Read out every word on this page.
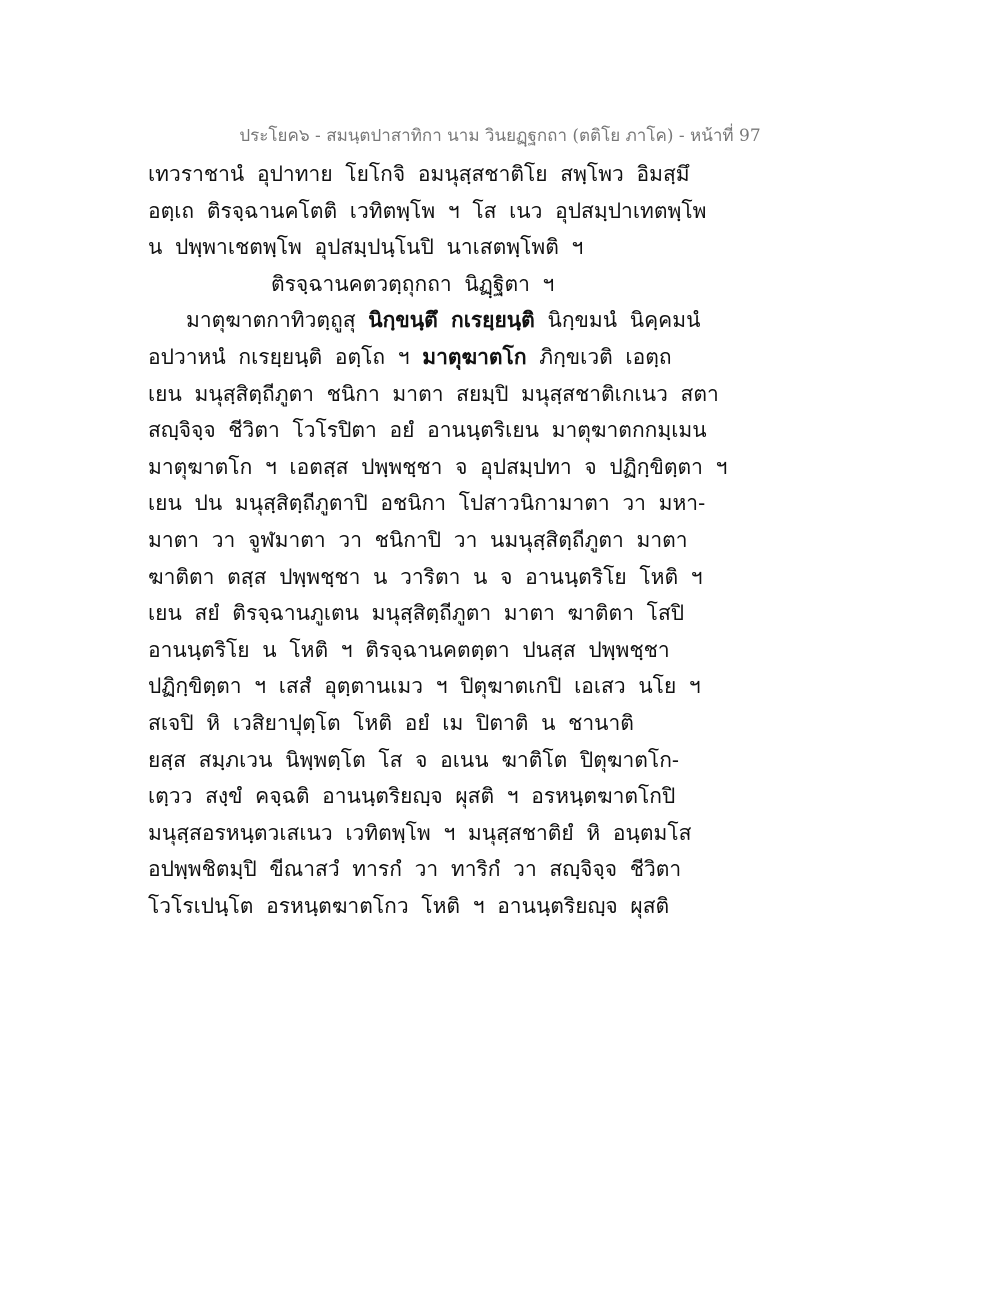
ประโยค๖ - สมนฺตปาสาทิกา นาม วินยฏฺฐกถา (ตติโย ภาโค) - หน้าที่ 97
เทวราชานํ อุปาทาย โยโกจิ อมนุสฺสชาติโย สพฺโพว อิมสฺมึ
อตฺเถ ติรจฺฉานคโตติ เวทิตพฺโพ ฯ โส เนว อุปสมฺปาเทตพฺโพ
น ปพฺพาเชตพฺโพ อุปสมฺปนฺโนปิ นาเสตพฺโพติ ฯ
ติรจฺฉานคตวตฺถุกถา นิฏฺฐิตา ฯ
มาตุฆาตกาทิวตฺถูสุ นิกฺขนฺตึ กเรยฺยนฺติ นิกฺขมนํ นิคฺคมนํ
อปวาหนํ กเรยฺยนฺติ อตฺโถ ฯ มาตุฆาตโก ภิกฺขเวติ เอตฺถ
เยน มนุสฺสิตฺถีภูตา ชนิกา มาตา สยมฺปิ มนุสฺสชาติเกเนว สตา
สญฺจิจฺจ ชีวิตา โวโรปิตา อยํ อานนฺตริเยน มาตุฆาตกกมฺเมน
มาตุฆาตโก ฯ เอตสฺส ปพฺพชฺชา จ อุปสมฺปทา จ ปฏิกฺขิตฺตา ฯ
เยน ปน มนุสฺสิตฺถีภูตาปิ อชนิกา โปสาวนิกามาตา วา มหา-
มาตา วา จูฬมาตา วา ชนิกาปิ วา นมนุสฺสิตฺถีภูตา มาตา
ฆาติตา ตสฺส ปพฺพชฺชา น วาริตา น จ อานนฺตริโย โหติ ฯ
เยน สยํ ติรจฺฉานภูเตน มนุสฺสิตฺถีภูตา มาตา ฆาติตา โสปิ
อานนฺตริโย น โหติ ฯ ติรจฺฉานคตตฺตา ปนสฺส ปพฺพชฺชา
ปฏิกฺขิตฺตา ฯ เสสํ อุตฺตานเมว ฯ ปิตุฆาตเกปิ เอเสว นโย ฯ
สเจปิ หิ เวสิยาปุตฺโต โหติ อยํ เม ปิตาติ น ชานาติ
ยสฺส สมฺภเวน นิพฺพตฺโต โส จ อเนน ฆาติโต ปิตุฆาตโก-
เตฺวว สงฺขํ คจฺฉติ อานนฺตริยญฺจ ผุสติ ฯ อรหนฺตฆาตโกปิ
มนุสฺสอรหนฺตวเสเนว เวทิตพฺโพ ฯ มนุสฺสชาติยํ หิ อนฺตมโส
อปพฺพชิตมฺปิ ขีณาสวํ ทารกํ วา ทาริกํ วา สญฺจิจฺจ ชีวิตา
โวโรเปนฺโต อรหนฺตฆาตโกว โหติ ฯ อานนฺตริยญฺจ ผุสติ
